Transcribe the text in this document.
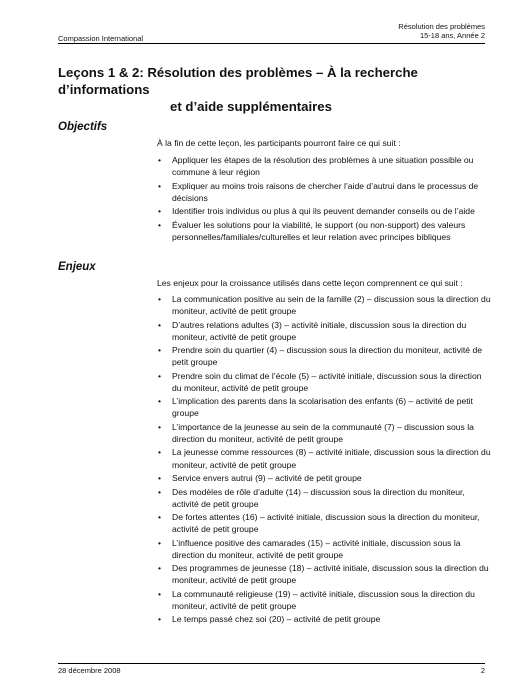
Compassion International
Résolution des problèmes
15-18 ans, Année 2
Leçons 1 & 2: Résolution des problèmes – À la recherche d’informations
et d’aide supplémentaires
Objectifs
À la fin de cette leçon, les participants pourront faire ce qui suit :
• Appliquer les étapes de la résolution des problèmes à une situation possible ou commune à leur région
• Expliquer au moins trois raisons de chercher l’aide d’autrui dans le processus de décisions
• Identifier trois individus ou plus à qui ils peuvent demander conseils ou de l’aide
• Évaluer les solutions pour la viabilité, le support (ou non-support) des valeurs personnelles/familiales/culturelles et leur relation avec principes bibliques
Enjeux
Les enjeux pour la croissance utilisés dans cette leçon comprennent ce qui suit :
• La communication positive au sein de la famille (2) – discussion sous la direction du moniteur, activité de petit groupe
• D’autres relations adultes (3) – activité initiale, discussion sous la direction du moniteur, activité de petit groupe
• Prendre soin du quartier (4) – discussion sous la direction du moniteur, activité de petit groupe
• Prendre soin du climat de l’école (5) – activité initiale, discussion sous la direction du moniteur, activité de petit groupe
• L’implication des parents dans la scolarisation des enfants (6) – activité de petit groupe
• L’importance de la jeunesse au sein de la communauté (7) – discussion sous la direction du moniteur, activité de petit groupe
• La jeunesse comme ressources (8) – activité initiale, discussion sous la direction du moniteur, activité de petit groupe
• Service envers autrui (9) – activité de petit groupe
• Des modèles de rôle d’adulte (14) – discussion sous la direction du moniteur, activité de petit groupe
• De fortes attentes (16) – activité initiale, discussion sous la direction du moniteur, activité de petit groupe
• L’influence positive des camarades (15) – activité initiale, discussion sous la direction du moniteur, activité de petit groupe
• Des programmes de jeunesse (18) – activité initiale, discussion sous la direction du moniteur, activité de petit groupe
• La communauté religieuse (19) – activité initiale, discussion sous la direction du moniteur, activité de petit groupe
• Le temps passé chez soi (20) – activité de petit groupe
28 décembre 2008	2
